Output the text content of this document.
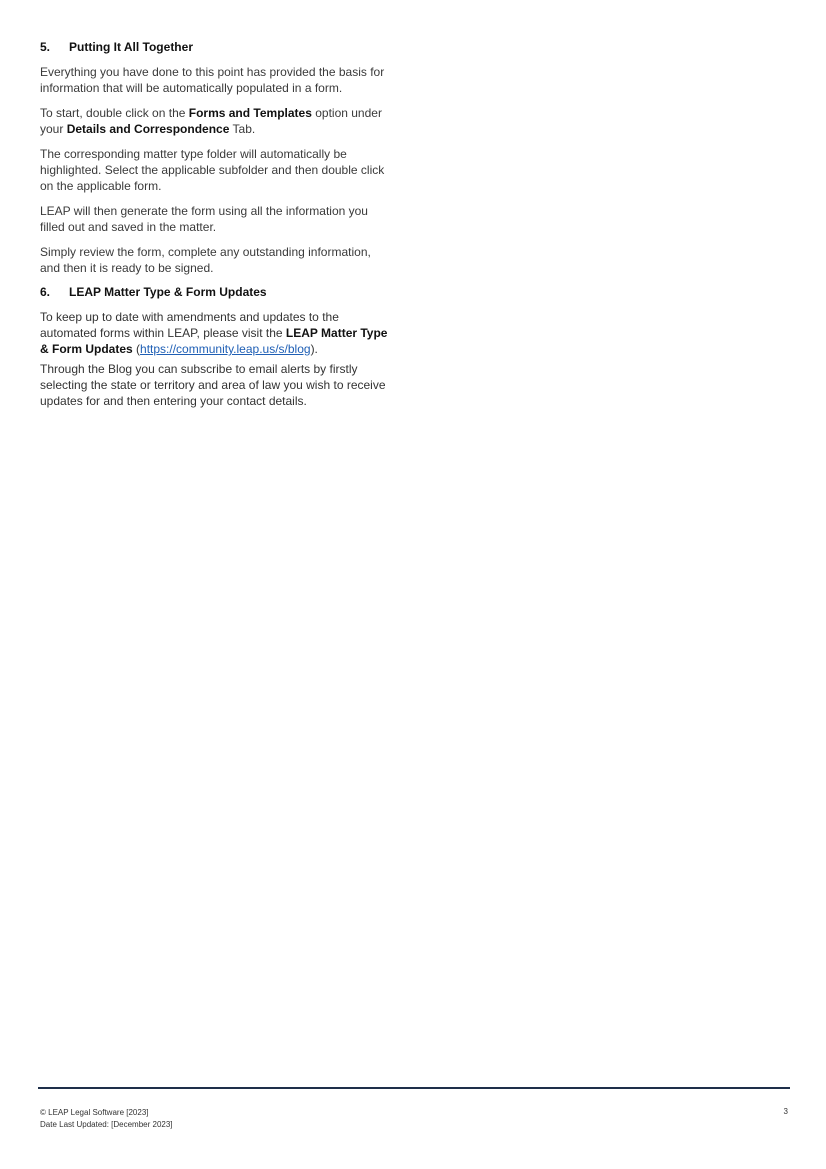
5.	Putting It All Together

Everything you have done to this point has provided the basis for information that will be automatically populated in a form.

To start, double click on the Forms and Templates option under your Details and Correspondence Tab.

The corresponding matter type folder will automatically be highlighted. Select the applicable subfolder and then double click on the applicable form.

LEAP will then generate the form using all the information you filled out and saved in the matter.

Simply review the form, complete any outstanding information, and then it is ready to be signed.

6.	LEAP Matter Type & Form Updates

To keep up to date with amendments and updates to the automated forms within LEAP, please visit the LEAP Matter Type & Form Updates (https://community.leap.us/s/blog).

Through the Blog you can subscribe to email alerts by firstly selecting the state or territory and area of law you wish to receive updates for and then entering your contact details.

© LEAP Legal Software [2023]
Date Last Updated: [December 2023]
3
